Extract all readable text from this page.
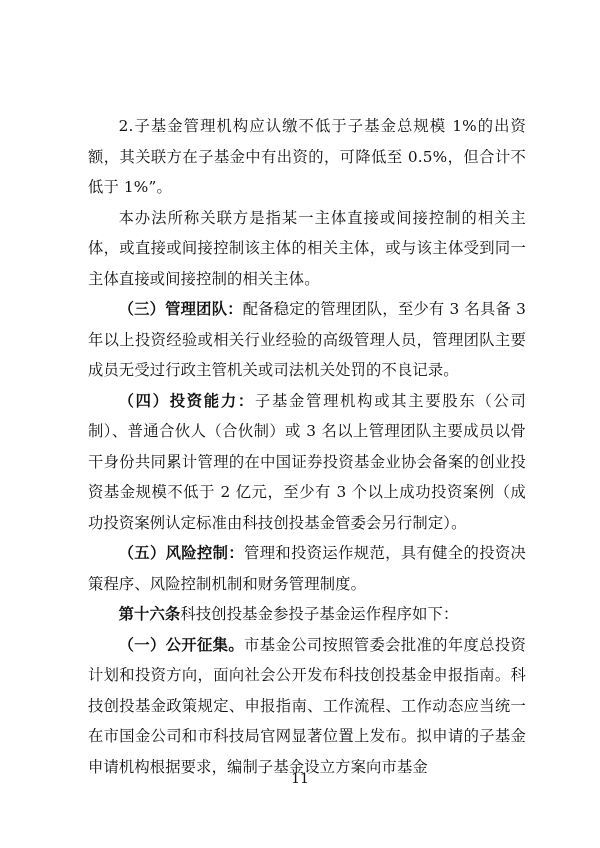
2.子基金管理机构应认缴不低于子基金总规模 1%的出资额，其关联方在子基金中有出资的，可降低至 0.5%，但合计不低于 1%”。

本办法所称关联方是指某一主体直接或间接控制的相关主体，或直接或间接控制该主体的相关主体，或与该主体受到同一主体直接或间接控制的相关主体。

（三）管理团队：配备稳定的管理团队，至少有 3 名具备 3 年以上投资经验或相关行业经验的高级管理人员，管理团队主要成员无受过行政主管机关或司法机关处罚的不良记录。

（四）投资能力：子基金管理机构或其主要股东（公司制）、普通合伙人（合伙制）或 3 名以上管理团队主要成员以骨干身份共同累计管理的在中国证券投资基金业协会备案的创业投资基金规模不低于 2 亿元，至少有 3 个以上成功投资案例（成功投资案例认定标准由科技创投基金管委会另行制定）。

（五）风险控制：管理和投资运作规范，具有健全的投资决策程序、风险控制机制和财务管理制度。

第十六条科技创投基金参投子基金运作程序如下：

（一）公开征集。市基金公司按照管委会批准的年度总投资计划和投资方向，面向社会公开发布科技创投基金申报指南。科技创投基金政策规定、申报指南、工作流程、工作动态应当统一在市国金公司和市科技局官网显著位置上发布。拟申请的子基金申请机构根据要求，编制子基金设立方案向市基金

11
